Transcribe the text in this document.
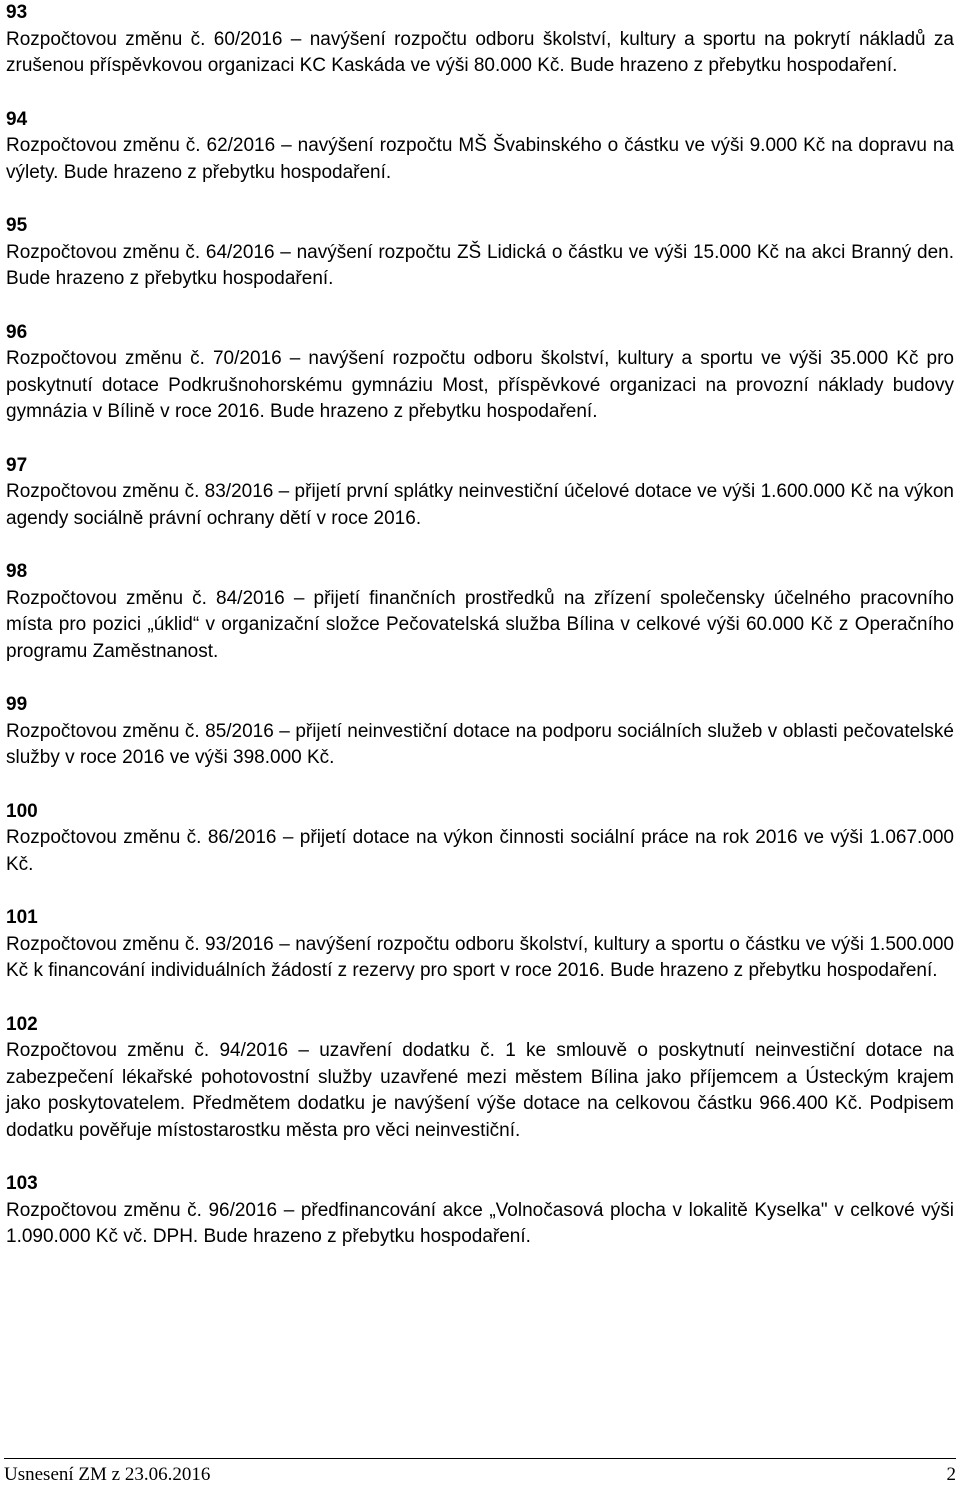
93
Rozpočtovou změnu č. 60/2016 – navýšení rozpočtu odboru školství, kultury a sportu na pokrytí nákladů za zrušenou příspěvkovou organizaci KC Kaskáda ve výši 80.000 Kč. Bude hrazeno z přebytku hospodaření.
94
Rozpočtovou změnu č. 62/2016 – navýšení rozpočtu MŠ Švabinského o částku ve výši 9.000 Kč na dopravu na výlety. Bude hrazeno z přebytku hospodaření.
95
Rozpočtovou změnu č. 64/2016 – navýšení rozpočtu ZŠ Lidická o částku ve výši 15.000 Kč na akci Branný den. Bude hrazeno z přebytku hospodaření.
96
Rozpočtovou změnu č. 70/2016 – navýšení rozpočtu odboru školství, kultury a sportu ve výši 35.000 Kč pro poskytnutí dotace Podkrušnohorskému gymnáziu Most, příspěvkové organizaci na provozní náklady budovy gymnázia v Bílině v roce 2016. Bude hrazeno z přebytku hospodaření.
97
Rozpočtovou změnu č. 83/2016 – přijetí první splátky neinvestiční účelové dotace ve výši 1.600.000 Kč na výkon agendy sociálně právní ochrany dětí v roce 2016.
98
Rozpočtovou změnu č. 84/2016 – přijetí finančních prostředků na zřízení společensky účelného pracovního místa pro pozici „úklid“ v organizační složce Pečovatelská služba Bílina v celkové výši 60.000 Kč z Operačního programu Zaměstnanost.
99
Rozpočtovou změnu č. 85/2016 – přijetí neinvestiční dotace na podporu sociálních služeb v oblasti pečovatelské služby v roce 2016 ve výši 398.000 Kč.
100
Rozpočtovou změnu č. 86/2016 – přijetí dotace na výkon činnosti sociální práce na rok 2016 ve výši 1.067.000 Kč.
101
Rozpočtovou změnu č. 93/2016 – navýšení rozpočtu odboru školství, kultury a sportu o částku ve výši 1.500.000 Kč k financování individuálních žádostí z rezervy pro sport v roce 2016. Bude hrazeno z přebytku hospodaření.
102
Rozpočtovou změnu č. 94/2016 – uzavření dodatku č. 1 ke smlouvě o poskytnutí neinvestiční dotace na zabezpečení lékařské pohotovostní služby uzavřené mezi městem Bílina jako příjemcem a Ústeckým krajem jako poskytovatelem. Předmětem dodatku je navýšení výše dotace na celkovou částku 966.400 Kč. Podpisem dodatku pověřuje místostarostku města pro věci neinvestiční.
103
Rozpočtovou změnu č. 96/2016 – předfinancování akce „Volnočasová plocha v lokalitě Kyselka" v celkové výši 1.090.000 Kč vč. DPH. Bude hrazeno z přebytku hospodaření.
Usnesení ZM z 23.06.2016	2
